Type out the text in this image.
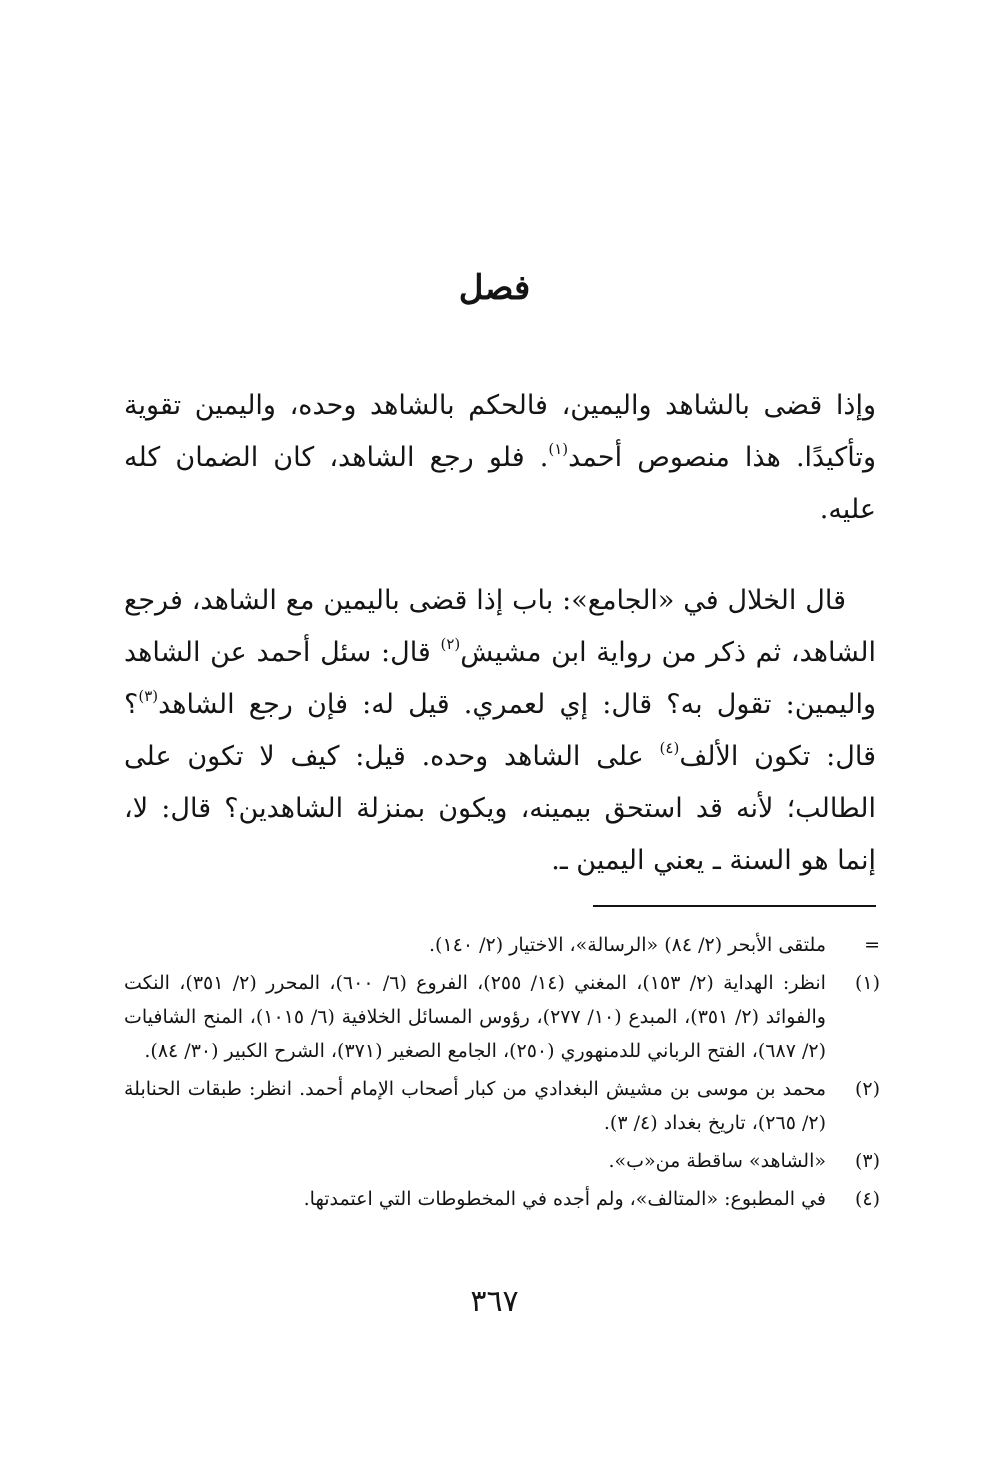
فصل

وإذا قضى بالشاهد واليمين، فالحكم بالشاهد وحده، واليمين تقوية وتأكيدًا. هذا منصوص أحمد$^{(١)}$. فلو رجع الشاهد، كان الضمان كله عليه.

قال الخلال في «الجامع»: باب إذا قضى باليمين مع الشاهد، فرجع الشاهد، ثم ذكر من رواية ابن مشيش$^{(٢)}$ قال: سئل أحمد عن الشاهد واليمين: تقول به؟ قال: إي لعمري. قيل له: فإن رجع الشاهد$^{(٣)}$؟ قال: تكون الألف$^{(٤)}$ على الشاهد وحده. قيل: كيف لا تكون على الطالب؛ لأنه قد استحق بيمينه، ويكون بمنزلة الشاهدين؟ قال: لا، إنما هو السنة ـ يعني اليمين ـ.

=
ملتقى الأبحر (٢/ ٨٤) «الرسالة»، الاختيار (٢/ ١٤٠).
(١)
انظر: الهداية (٢/ ١٥٣)، المغني (١٤/ ٢٥٥)، الفروع (٦/ ٦٠٠)، المحرر (٢/ ٣٥١)، النكت والفوائد (٢/ ٣٥١)، المبدع (١٠/ ٢٧٧)، رؤوس المسائل الخلافية (٦/ ١٠١٥)، المنح الشافيات (٢/ ٦٨٧)، الفتح الرباني للدمنهوري (٢٥٠)، الجامع الصغير (٣٧١)، الشرح الكبير (٣٠/ ٨٤).
(٢)
محمد بن موسى بن مشيش البغدادي من كبار أصحاب الإمام أحمد. انظر: طبقات الحنابلة (٢/ ٢٦٥)، تاريخ بغداد (٤/ ٣).
(٣)
«الشاهد» ساقطة من«ب».
(٤)
في المطبوع: «المتالف»، ولم أجده في المخطوطات التي اعتمدتها.
٣٦٧
